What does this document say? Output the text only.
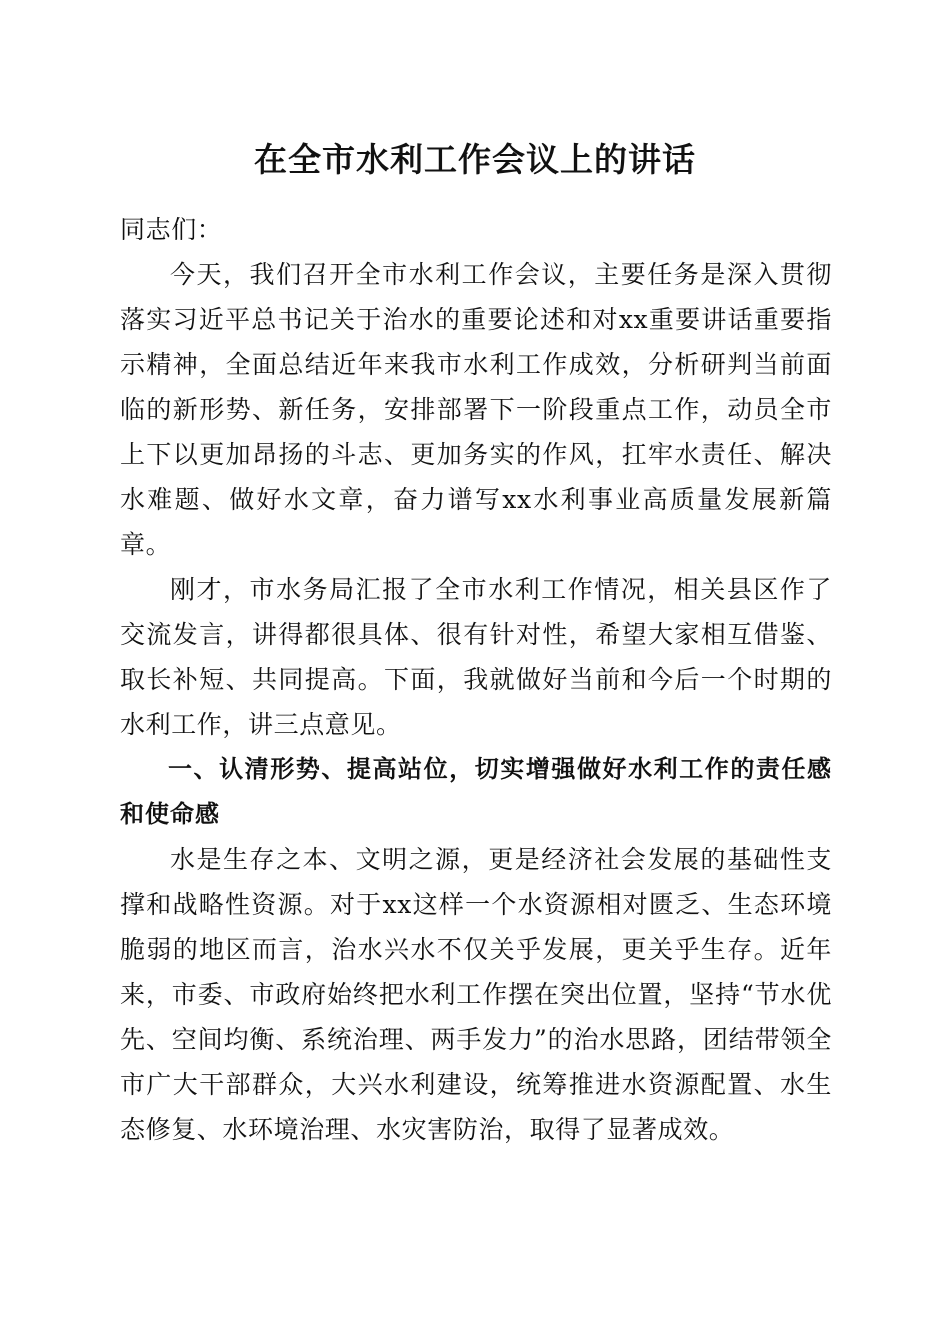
在全市水利工作会议上的讲话

同志们：

今天，我们召开全市水利工作会议，主要任务是深入贯彻落实习近平总书记关于治水的重要论述和对xx重要讲话重要指示精神，全面总结近年来我市水利工作成效，分析研判当前面临的新形势、新任务，安排部署下一阶段重点工作，动员全市上下以更加昂扬的斗志、更加务实的作风，扛牢水责任、解决水难题、做好水文章，奋力谱写xx水利事业高质量发展新篇章。

刚才，市水务局汇报了全市水利工作情况，相关县区作了交流发言，讲得都很具体、很有针对性，希望大家相互借鉴、取长补短、共同提高。下面，我就做好当前和今后一个时期的水利工作，讲三点意见。

一、认清形势、提高站位，切实增强做好水利工作的责任感和使命感

水是生存之本、文明之源，更是经济社会发展的基础性支撑和战略性资源。对于xx这样一个水资源相对匮乏、生态环境脆弱的地区而言，治水兴水不仅关乎发展，更关乎生存。近年来，市委、市政府始终把水利工作摆在突出位置，坚持“节水优先、空间均衡、系统治理、两手发力”的治水思路，团结带领全市广大干部群众，大兴水利建设，统筹推进水资源配置、水生态修复、水环境治理、水灾害防治，取得了显著成效。
